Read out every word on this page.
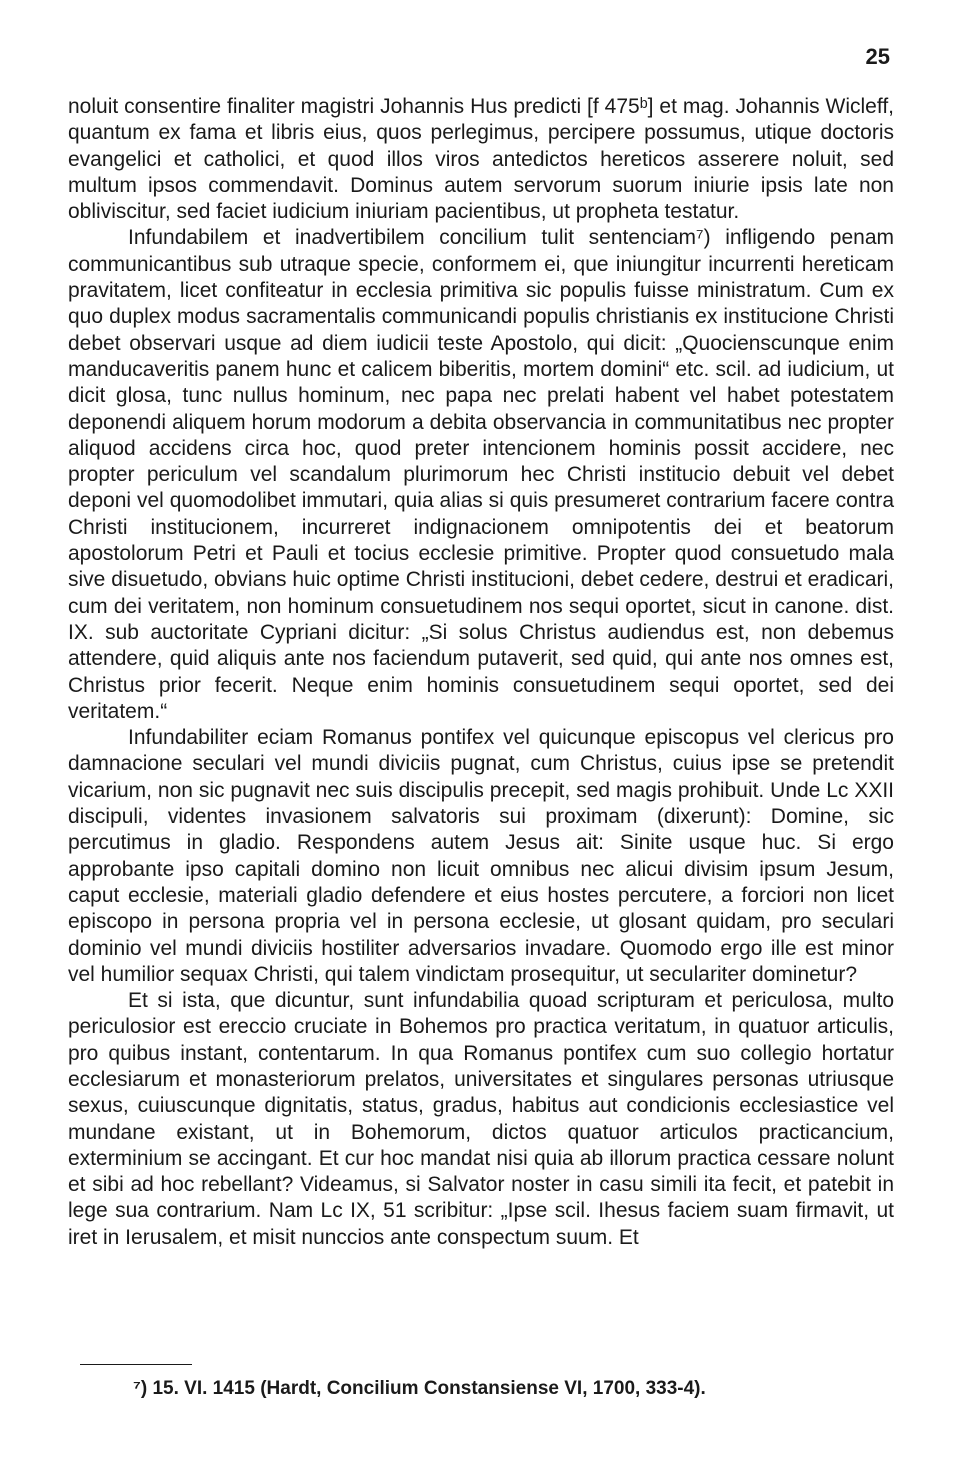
25

noluit consentire finaliter magistri Johannis Hus predicti [f 475ᵇ] et mag. Johannis Wicleff, quantum ex fama et libris eius, quos perlegimus, percipere possumus, utique doctoris evangelici et catholici, et quod illos viros antedictos hereticos asserere noluit, sed multum ipsos commendavit. Dominus autem servorum suorum iniurie ipsis late non obliviscitur, sed faciet iudicium iniuriam pacientibus, ut propheta testatur.

Infundabilem et inadvertibilem concilium tulit sentenciam⁷) infligendo penam communicantibus sub utraque specie, conformem ei, que iniungitur incurrenti hereticam pravitatem, licet confiteatur in ecclesia primitiva sic populis fuisse ministratum. Cum ex quo duplex modus sacramentalis communicandi populis christianis ex institucione Christi debet observari usque ad diem iudicii teste Apostolo, qui dicit: „Quocienscunque enim manducaveritis panem hunc et calicem biberitis, mortem domini“ etc. scil. ad iudicium, ut dicit glosa, tunc nullus hominum, nec papa nec prelati habent vel habet potestatem deponendi aliquem horum modorum a debita observancia in communitatibus nec propter aliquod accidens circa hoc, quod preter intencionem hominis possit accidere, nec propter periculum vel scandalum plurimorum hec Christi institucio debuit vel debet deponi vel quomodolibet immutari, quia alias si quis presumeret contrarium facere contra Christi institucionem, incurreret indignacionem omnipotentis dei et beatorum apostolorum Petri et Pauli et tocius ecclesie primitive. Propter quod consuetudo mala sive disuetudo, obvians huic optime Christi institucioni, debet cedere, destrui et eradicari, cum dei veritatem, non hominum consuetudinem nos sequi oportet, sicut in canone. dist. IX. sub auctoritate Cypriani dicitur: „Si solus Christus audiendus est, non debemus attendere, quid aliquis ante nos faciendum putaverit, sed quid, qui ante nos omnes est, Christus prior fecerit. Neque enim hominis consuetudinem sequi oportet, sed dei veritatem.“

Infundabiliter eciam Romanus pontifex vel quicunque episcopus vel clericus pro damnacione seculari vel mundi diviciis pugnat, cum Christus, cuius ipse se pretendit vicarium, non sic pugnavit nec suis discipulis precepit, sed magis prohibuit. Unde Lc XXII discipuli, videntes invasionem salvatoris sui proximam (dixerunt): Domine, sic percutimus in gladio. Respondens autem Jesus ait: Sinite usque huc. Si ergo approbante ipso capitali domino non licuit omnibus nec alicui divisim ipsum Jesum, caput ecclesie, materiali gladio defendere et eius hostes percutere, a forciori non licet episcopo in persona propria vel in persona ecclesie, ut glosant quidam, pro seculari dominio vel mundi diviciis hostiliter adversarios invadare. Quomodo ergo ille est minor vel humilior sequax Christi, qui talem vindictam prosequitur, ut seculariter dominetur?

Et si ista, que dicuntur, sunt infundabilia quoad scripturam et periculosa, multo periculosior est ereccio cruciate in Bohemos pro practica veritatum, in quatuor articulis, pro quibus instant, contentarum. In qua Romanus pontifex cum suo collegio hortatur ecclesiarum et monasteriorum prelatos, universitates et singulares personas utriusque sexus, cuiuscunque dignitatis, status, gradus, habitus aut condicionis ecclesiastice vel mundane existant, ut in Bohemorum, dictos quatuor articulos practicancium, exterminium se accingant. Et cur hoc mandat nisi quia ab illorum practica cessare nolunt et sibi ad hoc rebellant? Videamus, si Salvator noster in casu simili ita fecit, et patebit in lege sua contrarium. Nam Lc IX, 51 scribitur: „Ipse scil. Ihesus faciem suam firmavit, ut iret in Ierusalem, et misit nunccios ante conspectum suum. Et

⁷) 15. VI. 1415 (Hardt, Concilium Constansiense VI, 1700, 333-4).
